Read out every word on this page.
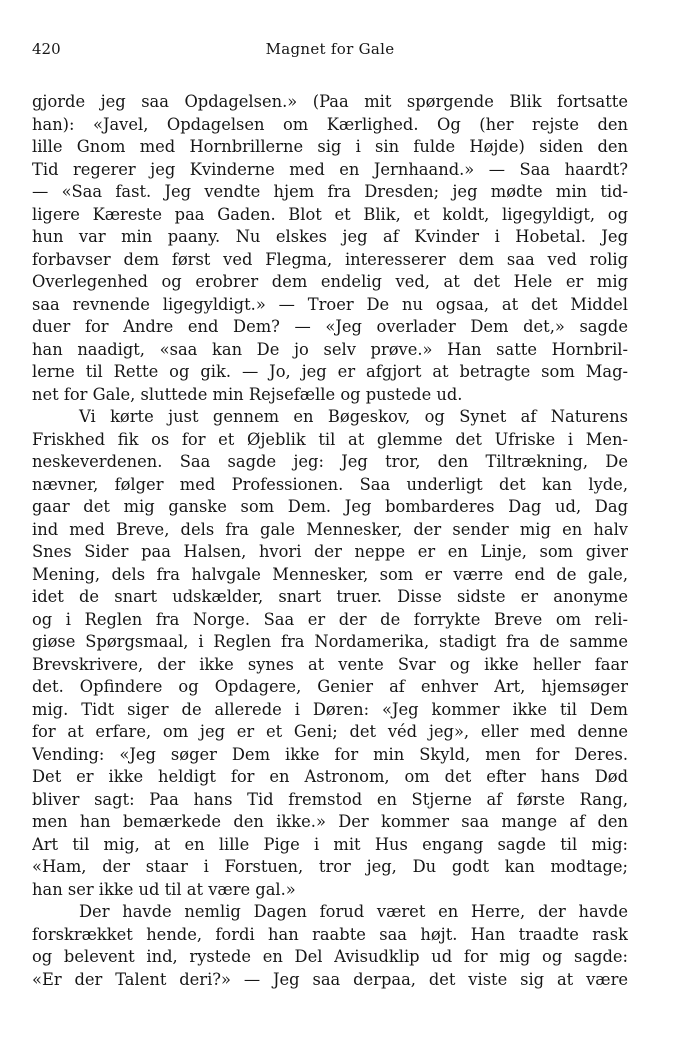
420	Magnet for Gale
gjorde jeg saa Opdagelsen.» (Paa mit spørgende Blik fortsatte
han): «Javel, Opdagelsen om Kærlighed. Og (her rejste den
lille Gnom med Hornbrillerne sig i sin fulde Højde) siden den
Tid regerer jeg Kvinderne med en Jernhaand.» — Saa haardt?
— «Saa fast. Jeg vendte hjem fra Dresden; jeg mødte min tid-
ligere Kæreste paa Gaden. Blot et Blik, et koldt, ligegyldigt, og
hun var min paany. Nu elskes jeg af Kvinder i Hobetal. Jeg
forbavser dem først ved Flegma, interesserer dem saa ved rolig
Overlegenhed og erobrer dem endelig ved, at det Hele er mig
saa revnende ligegyldigt.» — Troer De nu ogsaa, at det Middel
duer for Andre end Dem? — «Jeg overlader Dem det,» sagde
han naadigt, «saa kan De jo selv prøve.» Han satte Hornbril-
lerne til Rette og gik. — Jo, jeg er afgjort at betragte som Mag-
net for Gale, sluttede min Rejsefælle og pustede ud.
Vi kørte just gennem en Bøgeskov, og Synet af Naturens
Friskhed fik os for et Øjeblik til at glemme det Ufriske i Men-
neskeverdenen. Saa sagde jeg: Jeg tror, den Tiltrækning, De
nævner, følger med Professionen. Saa underligt det kan lyde,
gaar det mig ganske som Dem. Jeg bombarderes Dag ud, Dag
ind med Breve, dels fra gale Mennesker, der sender mig en halv
Snes Sider paa Halsen, hvori der neppe er en Linje, som giver
Mening, dels fra halvgale Mennesker, som er værre end de gale,
idet de snart udskælder, snart truer. Disse sidste er anonyme
og i Reglen fra Norge. Saa er der de forrykte Breve om reli-
giøse Spørgsmaal, i Reglen fra Nordamerika, stadigt fra de samme
Brevskrivere, der ikke synes at vente Svar og ikke heller faar
det. Opfindere og Opdagere, Genier af enhver Art, hjemsøger
mig. Tidt siger de allerede i Døren: «Jeg kommer ikke til Dem
for at erfare, om jeg er et Geni; det véd jeg», eller med denne
Vending: «Jeg søger Dem ikke for min Skyld, men for Deres.
Det er ikke heldigt for en Astronom, om det efter hans Død
bliver sagt: Paa hans Tid fremstod en Stjerne af første Rang,
men han bemærkede den ikke.» Der kommer saa mange af den
Art til mig, at en lille Pige i mit Hus engang sagde til mig:
«Ham, der staar i Forstuen, tror jeg, Du godt kan modtage;
han ser ikke ud til at være gal.»
Der havde nemlig Dagen forud været en Herre, der havde
forskrækket hende, fordi han raabte saa højt. Han traadte rask
og belevent ind, rystede en Del Avisudklip ud for mig og sagde:
«Er der Talent deri?» — Jeg saa derpaa, det viste sig at være
